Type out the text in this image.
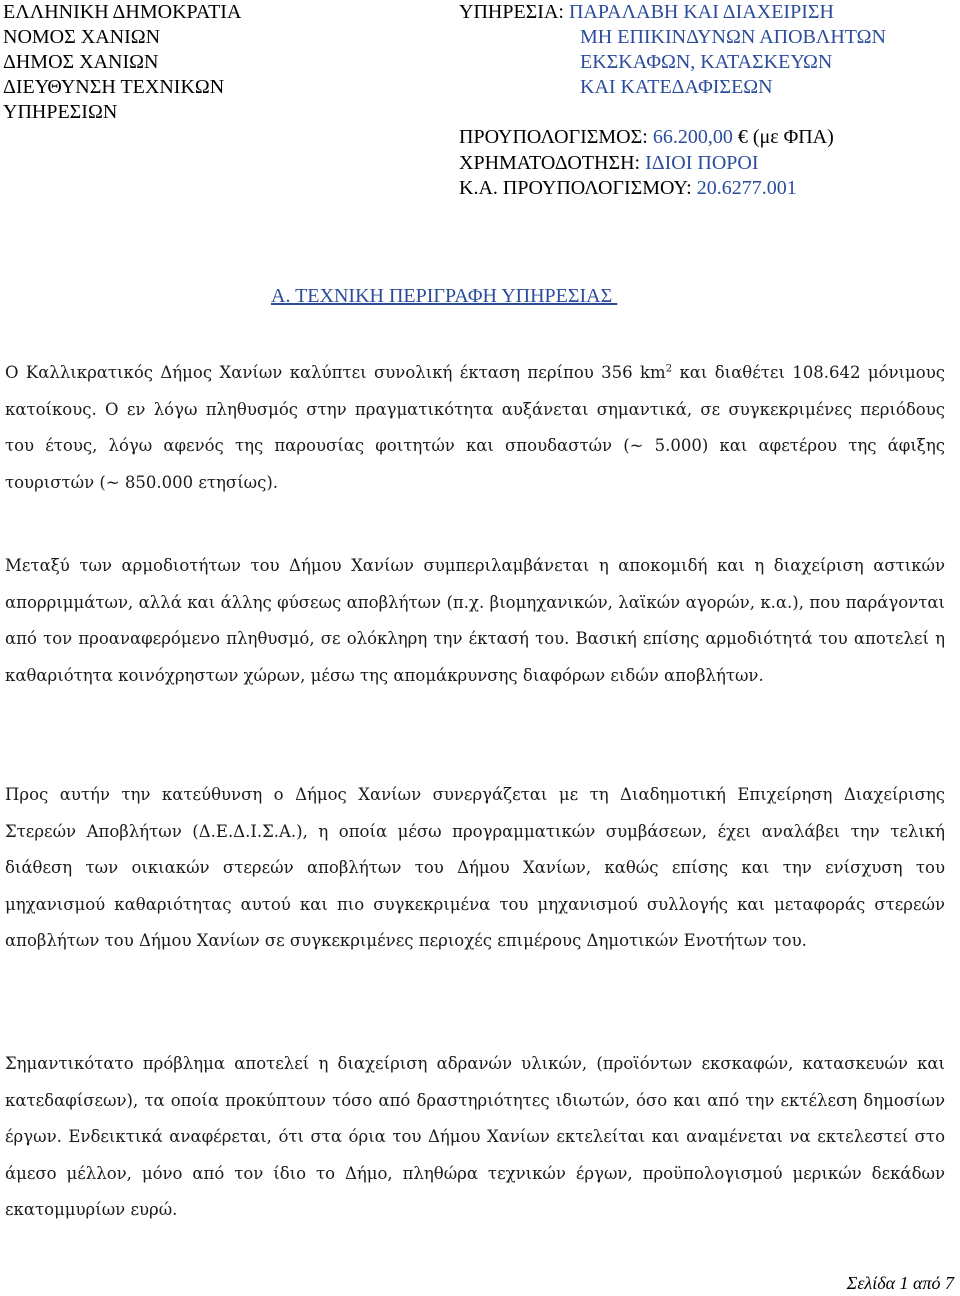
ΕΛΛΗΝΙΚΗ ΔΗΜΟΚΡΑΤΙΑ
ΝΟΜΟΣ ΧΑΝΙΩΝ
ΔΗΜΟΣ ΧΑΝΙΩΝ
ΔΙΕΥΘΥΝΣΗ ΤΕΧΝΙΚΩΝ
ΥΠΗΡΕΣΙΩΝ
ΥΠΗΡΕΣΙΑ: ΠΑΡΑΛΑΒΗ ΚΑΙ ΔΙΑΧΕΙΡΙΣΗ
ΜΗ ΕΠΙΚΙΝΔΥΝΩΝ ΑΠΟΒΛΗΤΩΝ
ΕΚΣΚΑΦΩΝ, ΚΑΤΑΣΚΕΥΩΝ
ΚΑΙ ΚΑΤΕΔΑΦΙΣΕΩΝ
ΠΡΟΥΠΟΛΟΓΙΣΜΟΣ: 66.200,00 € (με ΦΠΑ)
ΧΡΗΜΑΤΟΔΟΤΗΣΗ: ΙΔΙΟΙ ΠΟΡΟΙ
Κ.Α. ΠΡΟΥΠΟΛΟΓΙΣΜΟΥ: 20.6277.001
Α. ΤΕΧΝΙΚΗ ΠΕΡΙΓΡΑΦΗ ΥΠΗΡΕΣΙΑΣ
Ο Καλλικρατικός Δήμος Χανίων καλύπτει συνολική έκταση περίπου 356 $km^2$ και διαθέτει 108.642 μόνιμους κατοίκους. Ο εν λόγω πληθυσμός στην πραγματικότητα αυξάνεται σημαντικά, σε συγκεκριμένες περιόδους του έτους, λόγω αφενός της παρουσίας φοιτητών και σπουδαστών (~ 5.000) και αφετέρου της άφιξης τουριστών (~ 850.000 ετησίως).
Μεταξύ των αρμοδιοτήτων του Δήμου Χανίων συμπεριλαμβάνεται η αποκομιδή και η διαχείριση αστικών απορριμμάτων, αλλά και άλλης φύσεως αποβλήτων (π.χ. βιομηχανικών, λαϊκών αγορών, κ.α.), που παράγονται από τον προαναφερόμενο πληθυσμό, σε ολόκληρη την έκτασή του. Βασική επίσης αρμοδιότητά του αποτελεί η καθαριότητα κοινόχρηστων χώρων, μέσω της απομάκρυνσης διαφόρων ειδών αποβλήτων.
Προς αυτήν την κατεύθυνση ο Δήμος Χανίων συνεργάζεται με τη Διαδημοτική Επιχείρηση Διαχείρισης Στερεών Αποβλήτων (Δ.Ε.Δ.Ι.Σ.Α.), η οποία μέσω προγραμματικών συμβάσεων, έχει αναλάβει την τελική διάθεση των οικιακών στερεών αποβλήτων του Δήμου Χανίων, καθώς επίσης και την ενίσχυση του μηχανισμού καθαριότητας αυτού και πιο συγκεκριμένα του μηχανισμού συλλογής και μεταφοράς στερεών αποβλήτων του Δήμου Χανίων σε συγκεκριμένες περιοχές επιμέρους Δημοτικών Ενοτήτων του.
Σημαντικότατο πρόβλημα αποτελεί η διαχείριση αδρανών υλικών, (προϊόντων εκσκαφών, κατασκευών και κατεδαφίσεων), τα οποία προκύπτουν τόσο από δραστηριότητες ιδιωτών, όσο και από την εκτέλεση δημοσίων έργων. Ενδεικτικά αναφέρεται, ότι στα όρια του Δήμου Χανίων εκτελείται και αναμένεται να εκτελεστεί στο άμεσο μέλλον, μόνο από τον ίδιο το Δήμο, πληθώρα τεχνικών έργων, προϋπολογισμού μερικών δεκάδων εκατομμυρίων ευρώ.
Σελίδα 1 από 7
